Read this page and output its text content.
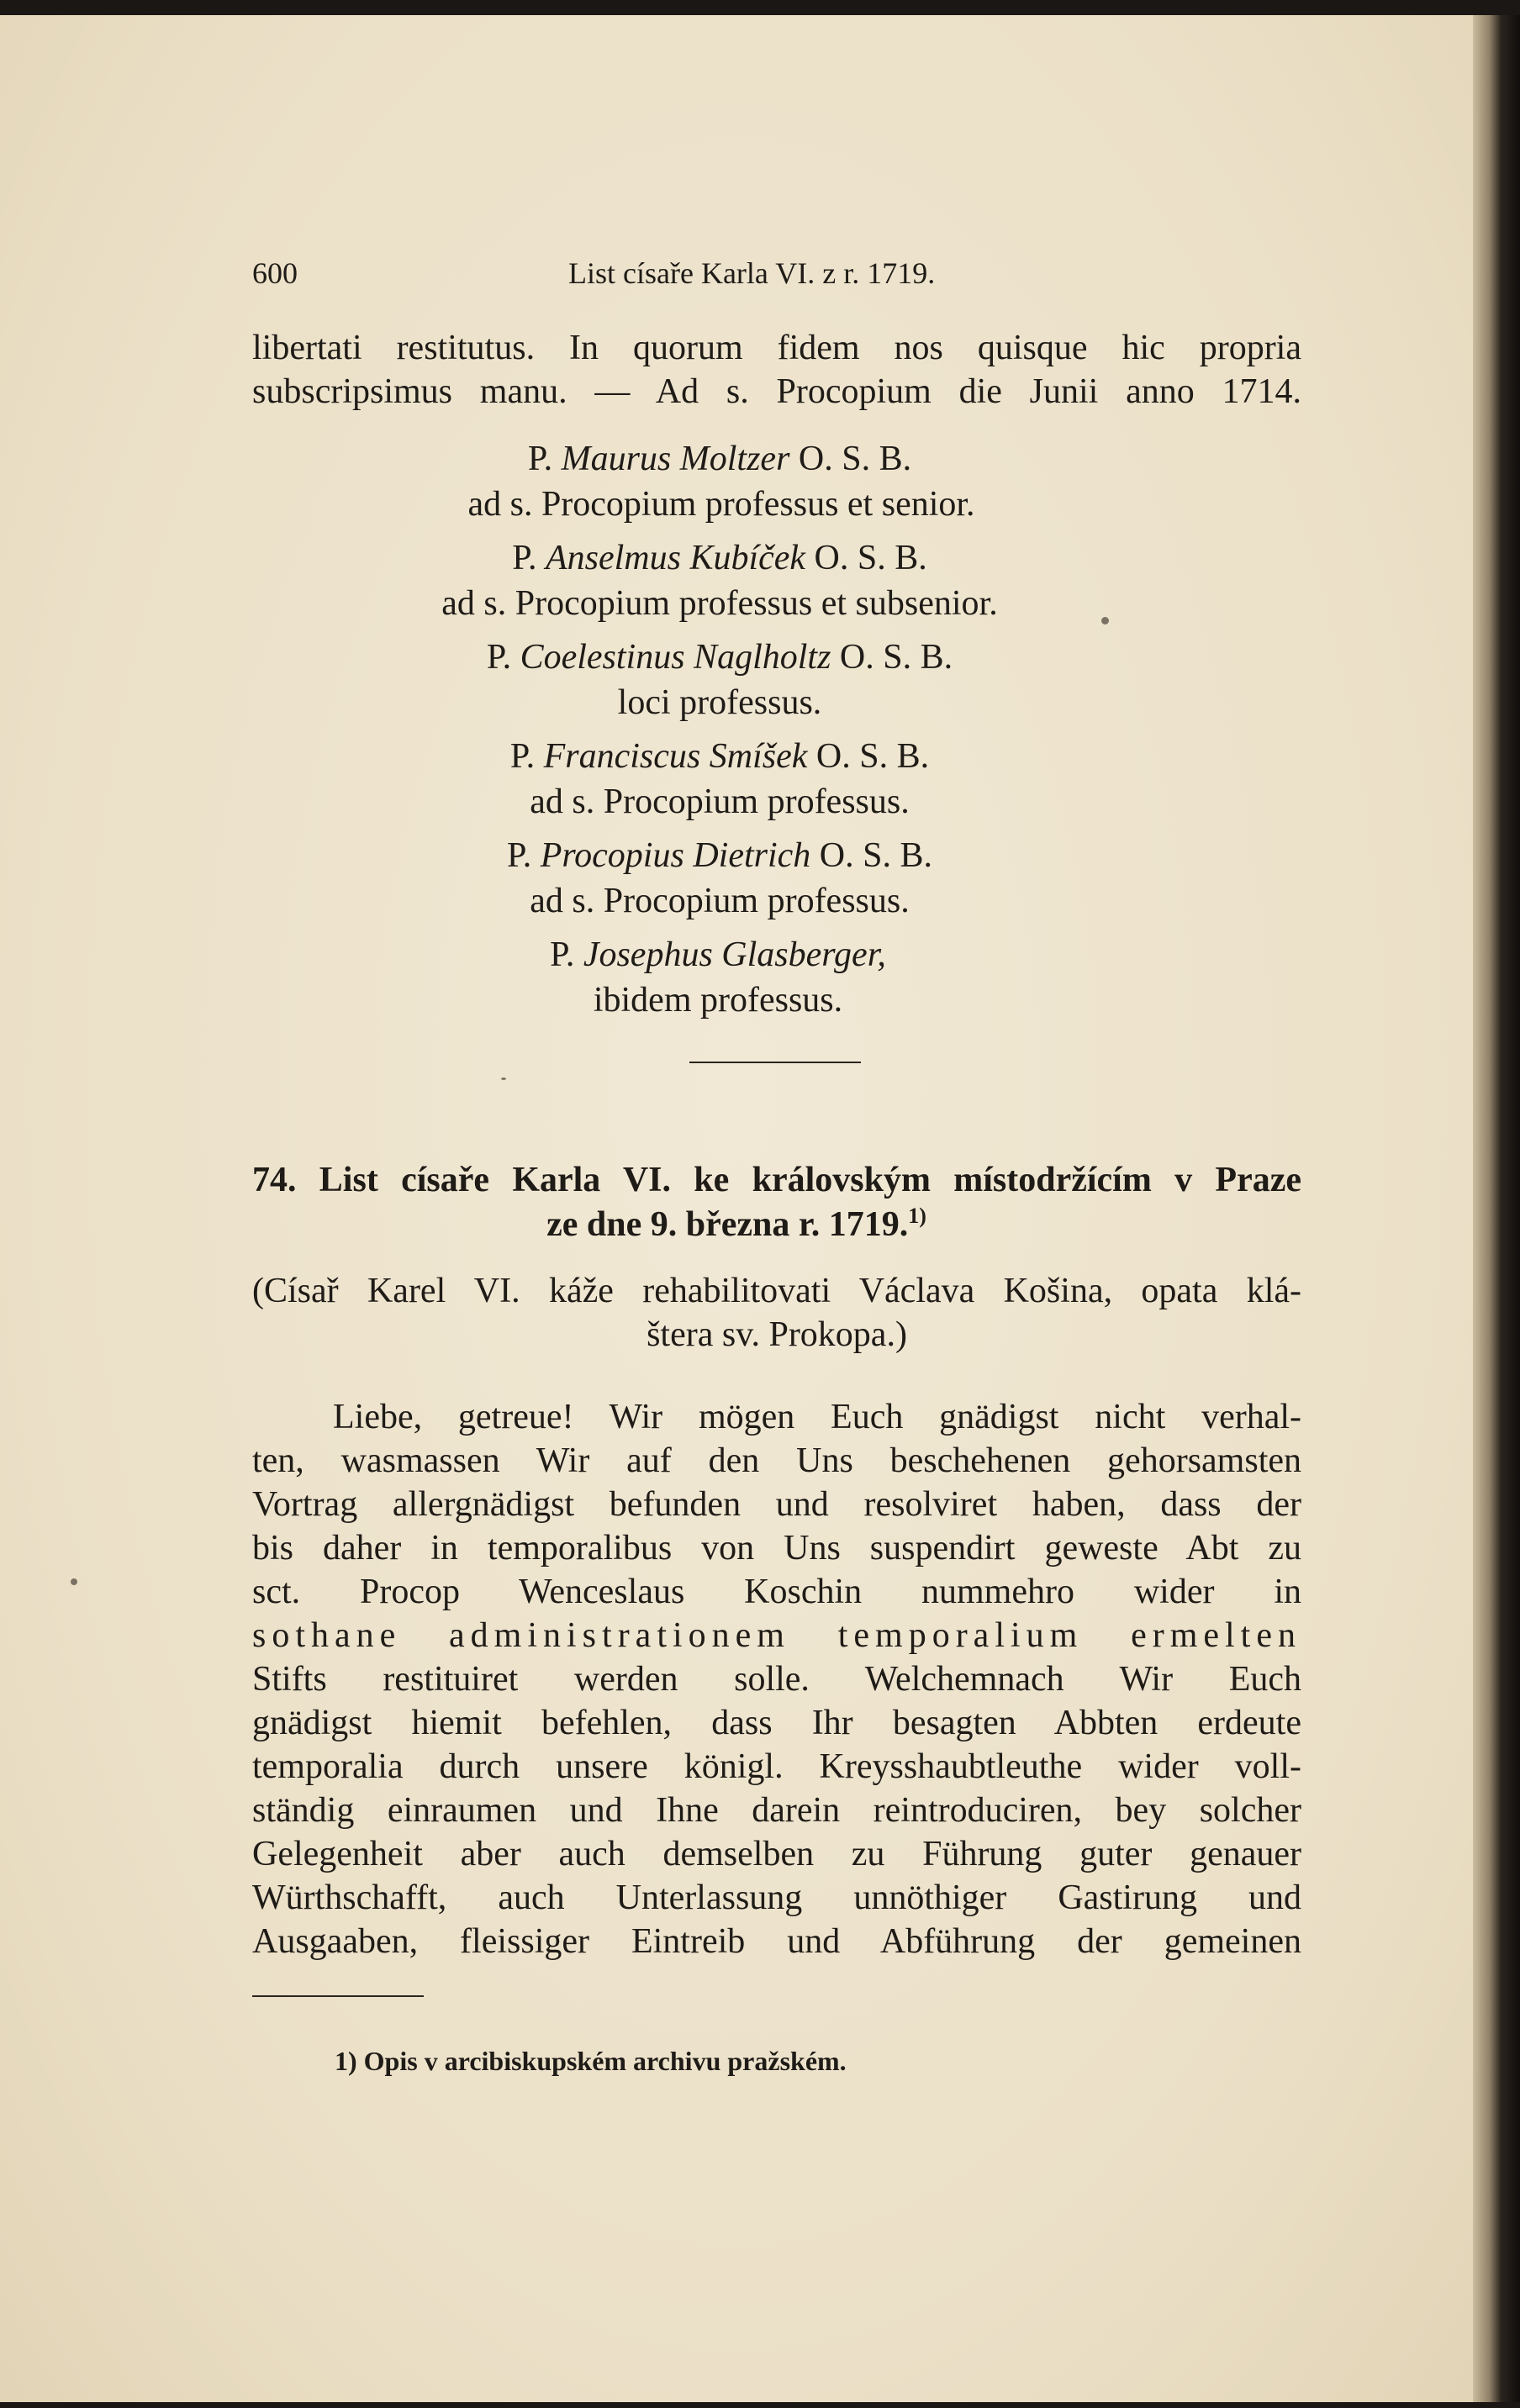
600	List císaře Karla VI. z r. 1719.
libertati restitutus. In quorum fidem nos quisque hic propria
subscripsimus manu. — Ad s. Procopium die Junii anno 1714.
P. Maurus Moltzer O. S. B.
ad s. Procopium professus et senior.
P. Anselmus Kubíček O. S. B.
ad s. Procopium professus et subsenior.
P. Coelestinus Naglholtz O. S. B.
loci professus.
P. Franciscus Smíšek O. S. B.
ad s. Procopium professus.
P. Procopius Dietrich O. S. B.
ad s. Procopium professus.
P. Josephus Glasberger,
ibidem professus.
74. List císaře Karla VI. ke královským místodržícím v Praze
ze dne 9. března r. 1719.$^{1)}$
(Císař Karel VI. káže rehabilitovati Václava Košina, opata klá-
štera sv. Prokopa.)
Liebe, getreue! Wir mögen Euch gnädigst nicht verhal-
ten, wasmassen Wir auf den Uns beschehenen gehorsamsten
Vortrag allergnädigst befunden und resolviret haben, dass der
bis daher in temporalibus von Uns suspendirt geweste Abt zu
sct. Procop Wenceslaus Koschin nummehro wider in
sothane administrationem temporalium ermelten
Stifts restituiret werden solle. Welchemnach Wir Euch
gnädigst hiemit befehlen, dass Ihr besagten Abbten erdeute
temporalia durch unsere königl. Kreysshaubtleuthe wider voll-
ständig einraumen und Ihne darein reintroduciren, bey solcher
Gelegenheit aber auch demselben zu Führung guter genauer
Würthschafft, auch Unterlassung unnöthiger Gastirung und
Ausgaaben, fleissiger Eintreib und Abführung der gemeinen
1) Opis v arcibiskupském archivu pražském.
